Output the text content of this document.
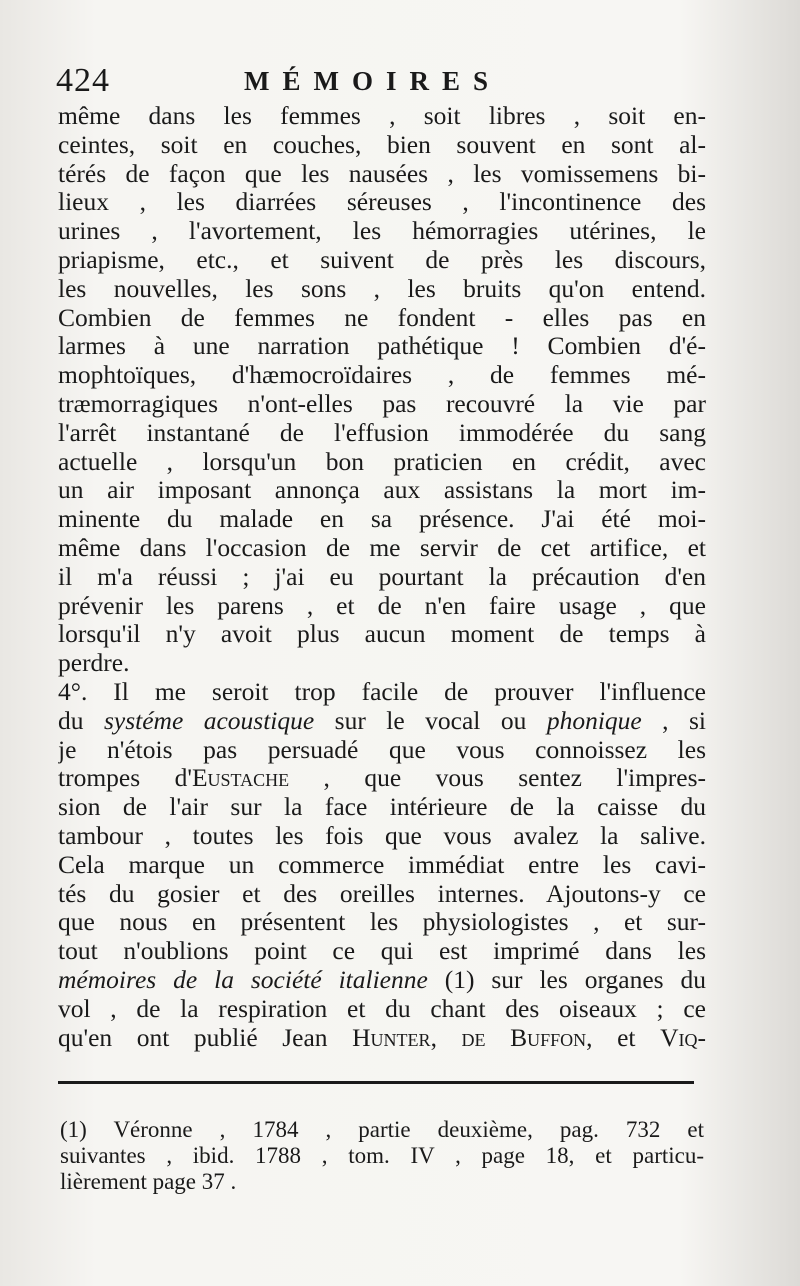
424	MÉMOIRES
même dans les femmes , soit libres , soit en-
ceintes, soit en couches, bien souvent en sont al-
térés de façon que les nausées , les vomissemens bi-
lieux , les diarrées séreuses , l'incontinence des
urines , l'avortement, les hémorragies utérines, le
priapisme, etc., et suivent de près les discours,
les nouvelles, les sons , les bruits qu'on entend.
Combien de femmes ne fondent - elles pas en
larmes à une narration pathétique ! Combien d'é-
mophtoïques, d'hæmocroïdaires , de femmes mé-
træmorragiques n'ont-elles pas recouvré la vie par
l'arrêt instantané de l'effusion immodérée du sang
actuelle , lorsqu'un bon praticien en crédit, avec
un air imposant annonça aux assistans la mort im-
minente du malade en sa présence. J'ai été moi-
même dans l'occasion de me servir de cet artifice, et
il m'a réussi ; j'ai eu pourtant la précaution d'en
prévenir les parens , et de n'en faire usage , que
lorsqu'il n'y avoit plus aucun moment de temps à
perdre.
4°. Il me seroit trop facile de prouver l'influence
du systéme acoustique sur le vocal ou phonique , si
je n'étois pas persuadé que vous connoissez les
trompes d'Eustache , que vous sentez l'impres-
sion de l'air sur la face intérieure de la caisse du
tambour , toutes les fois que vous avalez la salive.
Cela marque un commerce immédiat entre les cavi-
tés du gosier et des oreilles internes. Ajoutons-y ce
que nous en présentent les physiologistes , et sur-
tout n'oublions point ce qui est imprimé dans les
mémoires de la société italienne (1) sur les organes du
vol , de la respiration et du chant des oiseaux ; ce
qu'en ont publié Jean Hunter, de Buffon, et Viq-
(1) Véronne , 1784 , partie deuxième, pag. 732 et
suivantes , ibid. 1788 , tom. IV , page 18, et particu-
lièrement page 37 .
